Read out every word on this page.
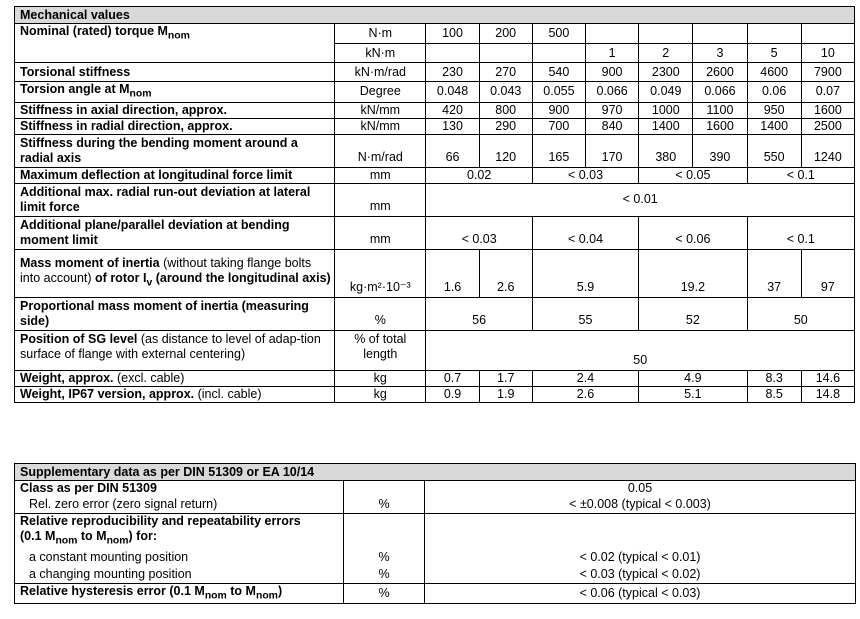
Mechanical values									
Nominal (rated) torque $M_{nom}$	N·m	100	200	500					
	kN·m				1	2	3	5	10
Torsional stiffness	kN·m/rad	230	270	540	900	2300	2600	4600	7900
Torsion angle at $M_{nom}$	Degree	0.048	0.043	0.055	0.066	0.049	0.066	0.06	0.07
Stiffness in axial direction, approx.	kN/mm	420	800	900	970	1000	1100	950	1600
Stiffness in radial direction, approx.	kN/mm	130	290	700	840	1400	1600	1400	2500
Stiffness during the bending moment around a radial axis	N·m/rad	66	120	165	170	380	390	550	1240
Maximum deflection at longitudinal force limit	mm	0.02		< 0.03		< 0.05		< 0.1	
Additional max. radial run-out deviation at lateral limit force	mm	< 0.01							
Additional plane/parallel deviation at bending moment limit	mm	< 0.03		< 0.04		< 0.06		< 0.1	
Mass moment of inertia (without taking flange bolts into account) of rotor $I_v$ (around the longitudinal axis)	kg·m²·10⁻³	1.6	2.6	5.9		19.2		37	97
Proportional mass moment of inertia (measuring side)	%	56		55		52		50	
Position of SG level (as distance to level of adap-tion surface of flange with external centering)	% of total length	50							
Weight, approx. (excl. cable)	kg	0.7	1.7	2.4		4.9		8.3	14.6
Weight, IP67 version, approx. (incl. cable)	kg	0.9	1.9	2.6		5.1		8.5	14.8
Supplementary data as per DIN 51309 or EA 10/14		
Class as per DIN 51309		0.05
Rel. zero error (zero signal return)	%	< ±0.008 (typical < 0.003)
Relative reproducibility and repeatability errors
(0.1 $M_{nom}$ to $M_{nom}$) for:		
a constant mounting position	%	< 0.02 (typical < 0.01)
a changing mounting position	%	< 0.03 (typical < 0.02)
Relative hysteresis error (0.1 $M_{nom}$ to $M_{nom}$)	%	< 0.06 (typical < 0.03)
